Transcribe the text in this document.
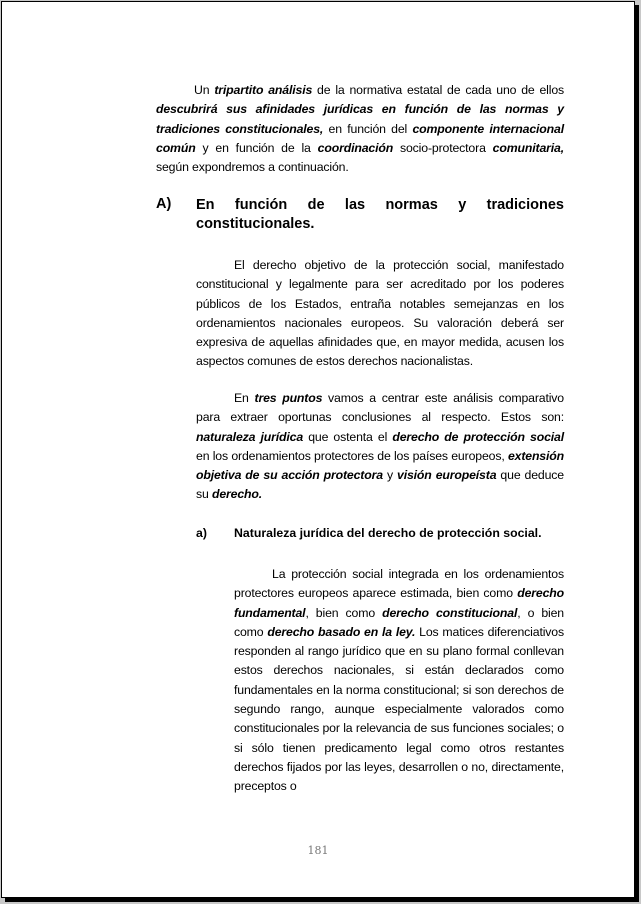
Un tripartito análisis de la normativa estatal de cada uno de ellos descubrirá sus afinidades jurídicas en función de las normas y tradiciones constitucionales, en función del componente internacional común y en función de la coordinación socio-protectora comunitaria, según expondremos a continuación.

A) En función de las normas y tradiciones constitucionales.

El derecho objetivo de la protección social, manifestado constitucional y legalmente para ser acreditado por los poderes públicos de los Estados, entraña notables semejanzas en los ordenamientos nacionales europeos. Su valoración deberá ser expresiva de aquellas afinidades que, en mayor medida, acusen los aspectos comunes de estos derechos nacionalistas.

En tres puntos vamos a centrar este análisis comparativo para extraer oportunas conclusiones al respecto. Estos son: naturaleza jurídica que ostenta el derecho de protección social en los ordenamientos protectores de los países europeos, extensión objetiva de su acción protectora y visión europeísta que deduce su derecho.

a) Naturaleza jurídica del derecho de protección social.

La protección social integrada en los ordenamientos protectores europeos aparece estimada, bien como derecho fundamental, bien como derecho constitucional, o bien como derecho basado en la ley. Los matices diferenciativos responden al rango jurídico que en su plano formal conllevan estos derechos nacionales, si están declarados como fundamentales en la norma constitucional; si son derechos de segundo rango, aunque especialmente valorados como constitucionales por la relevancia de sus funciones sociales; o si sólo tienen predicamento legal como otros restantes derechos fijados por las leyes, desarrollen o no, directamente, preceptos o

181
